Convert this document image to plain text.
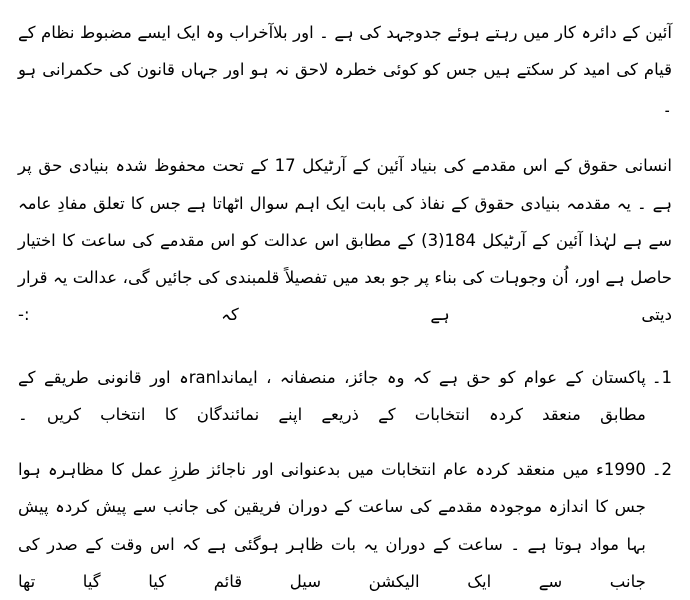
آئین کے دائرہ کار میں رہتے ہوئے جدوجہد کی ہے ۔ اور بلاآخراب وہ ایک ایسے مضبوط نظام کے قیام کی امید کر سکتے ہیں جس کو کوئی خطرہ لاحق نہ ہو اور جہاں قانون کی حکمرانی ہو ۔

انسانی حقوق کے اس مقدمے کی بنیاد آئین کے آرٹیکل 17 کے تحت محفوظ شدہ بنیادی حق پر ہے ۔ یہ مقدمہ بنیادی حقوق کے نفاذ کی بابت ایک اہم سوال اٹھاتا ہے جس کا تعلق مفادِ عامہ سے ہے لہٰذا آئین کے آرٹیکل 184(3) کے مطابق اس عدالت کو اس مقدمے کی ساعت کا اختیار حاصل ہے اور، اُن وجوہات کی بناء پر جو بعد میں تفصیلاً قلمبندی کی جائیں گی، عدالت یہ قرار دیتی ہے کہ :-

1۔
پاکستان کے عوام کو حق ہے کہ وہ جائز، منصفانہ ، ایمانداranہ اور قانونی طریقے کے مطابق منعقد کردہ انتخابات کے ذریعے اپنے نمائندگان کا انتخاب کریں ۔
2۔
1990ء میں منعقد کردہ عام انتخابات میں بدعنوانی اور ناجائز طرزِ عمل کا مظاہرہ ہوا جس کا اندازہ موجودہ مقدمے کی ساعت کے دوران فریقین کی جانب سے پیش کردہ پیش بہا مواد ہوتا ہے ۔ ساعت کے دوران یہ بات ظاہر ہوگئی ہے کہ اس وقت کے صدر کی جانب سے ایک الیکشن سیل قائم کیا گیا تھا
